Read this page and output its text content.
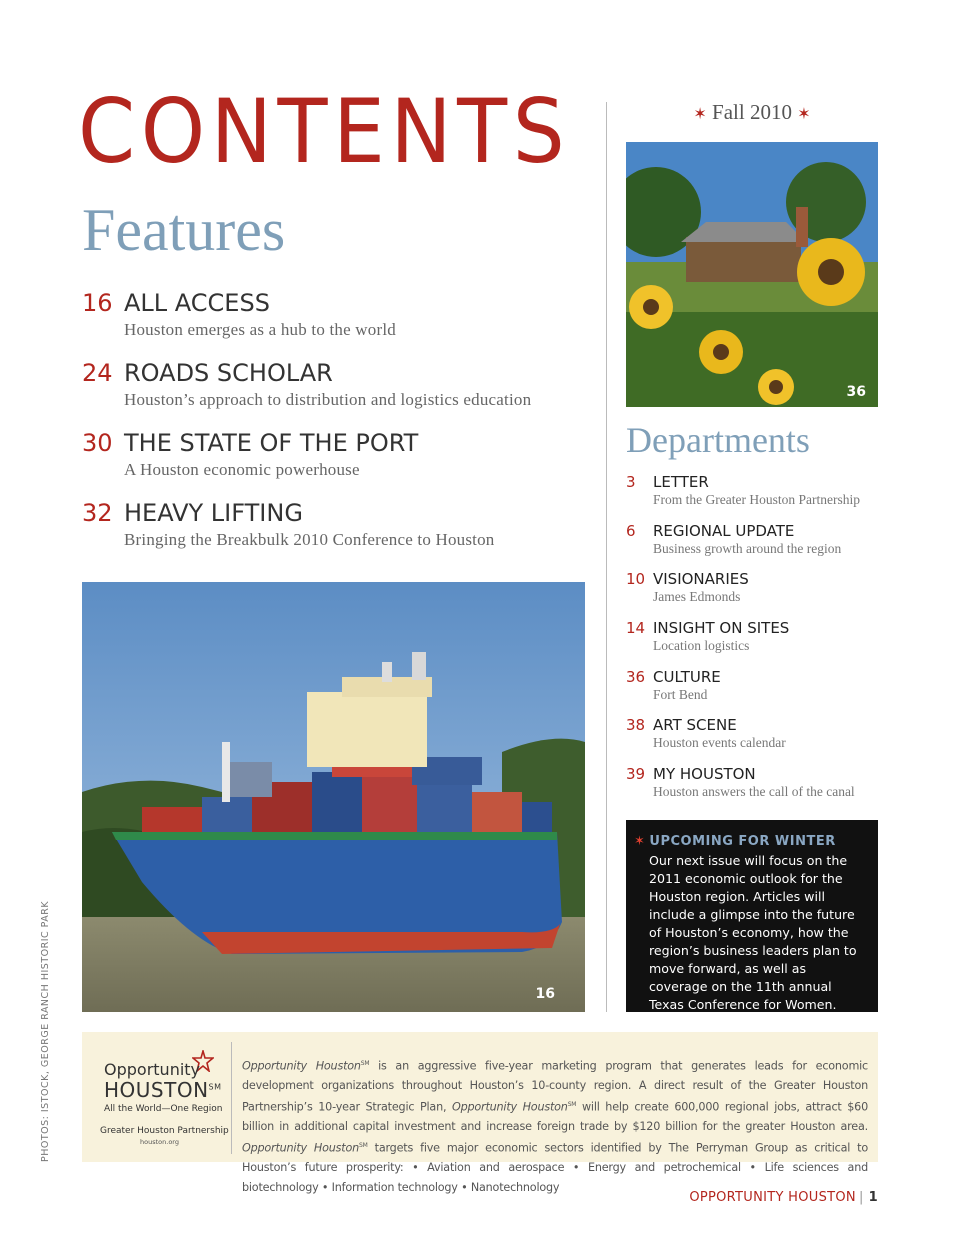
CONTENTS
Features
✶ Fall 2010 ✶
16 ALL ACCESS
Houston emerges as a hub to the world
24 ROADS SCHOLAR
Houston’s approach to distribution and logistics education
30 THE STATE OF THE PORT
A Houston economic powerhouse
32 HEAVY LIFTING
Bringing the Breakbulk 2010 Conference to Houston
16
36
Departments
3 LETTER
From the Greater Houston Partnership
6 REGIONAL UPDATE
Business growth around the region
10 VISIONARIES
James Edmonds
14 INSIGHT ON SITES
Location logistics
36 CULTURE
Fort Bend
38 ART SCENE
Houston events calendar
39 MY HOUSTON
Houston answers the call of the canal

✶ UPCOMING FOR WINTER

Our next issue will focus on the 2011 economic outlook for the Houston region. Articles will include a glimpse into the future of Houston’s economy, how the region’s business leaders plan to move forward, as well as coverage on the 11th annual Texas Conference for Women.

PHOTOS: ISTOCK, GEORGE RANCH HISTORIC PARK	Opportunity
HOUSTON℠
All the World—One Region
Greater Houston Partnership
houston.org

Opportunity Houston℠ is an aggressive five-year marketing program that generates leads for economic development organizations throughout Houston’s 10-county region. A direct result of the Greater Houston Partnership’s 10-year Strategic Plan, Opportunity Houston℠ will help create 600,000 regional jobs, attract $60 billion in additional capital investment and increase foreign trade by $120 billion for the greater Houston area. Opportunity Houston℠ targets five major economic sectors identified by The Perryman Group as critical to Houston’s future prosperity: • Aviation and aerospace • Energy and petrochemical • Life sciences and biotechnology • Information technology • Nanotechnology

OPPORTUNITY HOUSTON | 1
